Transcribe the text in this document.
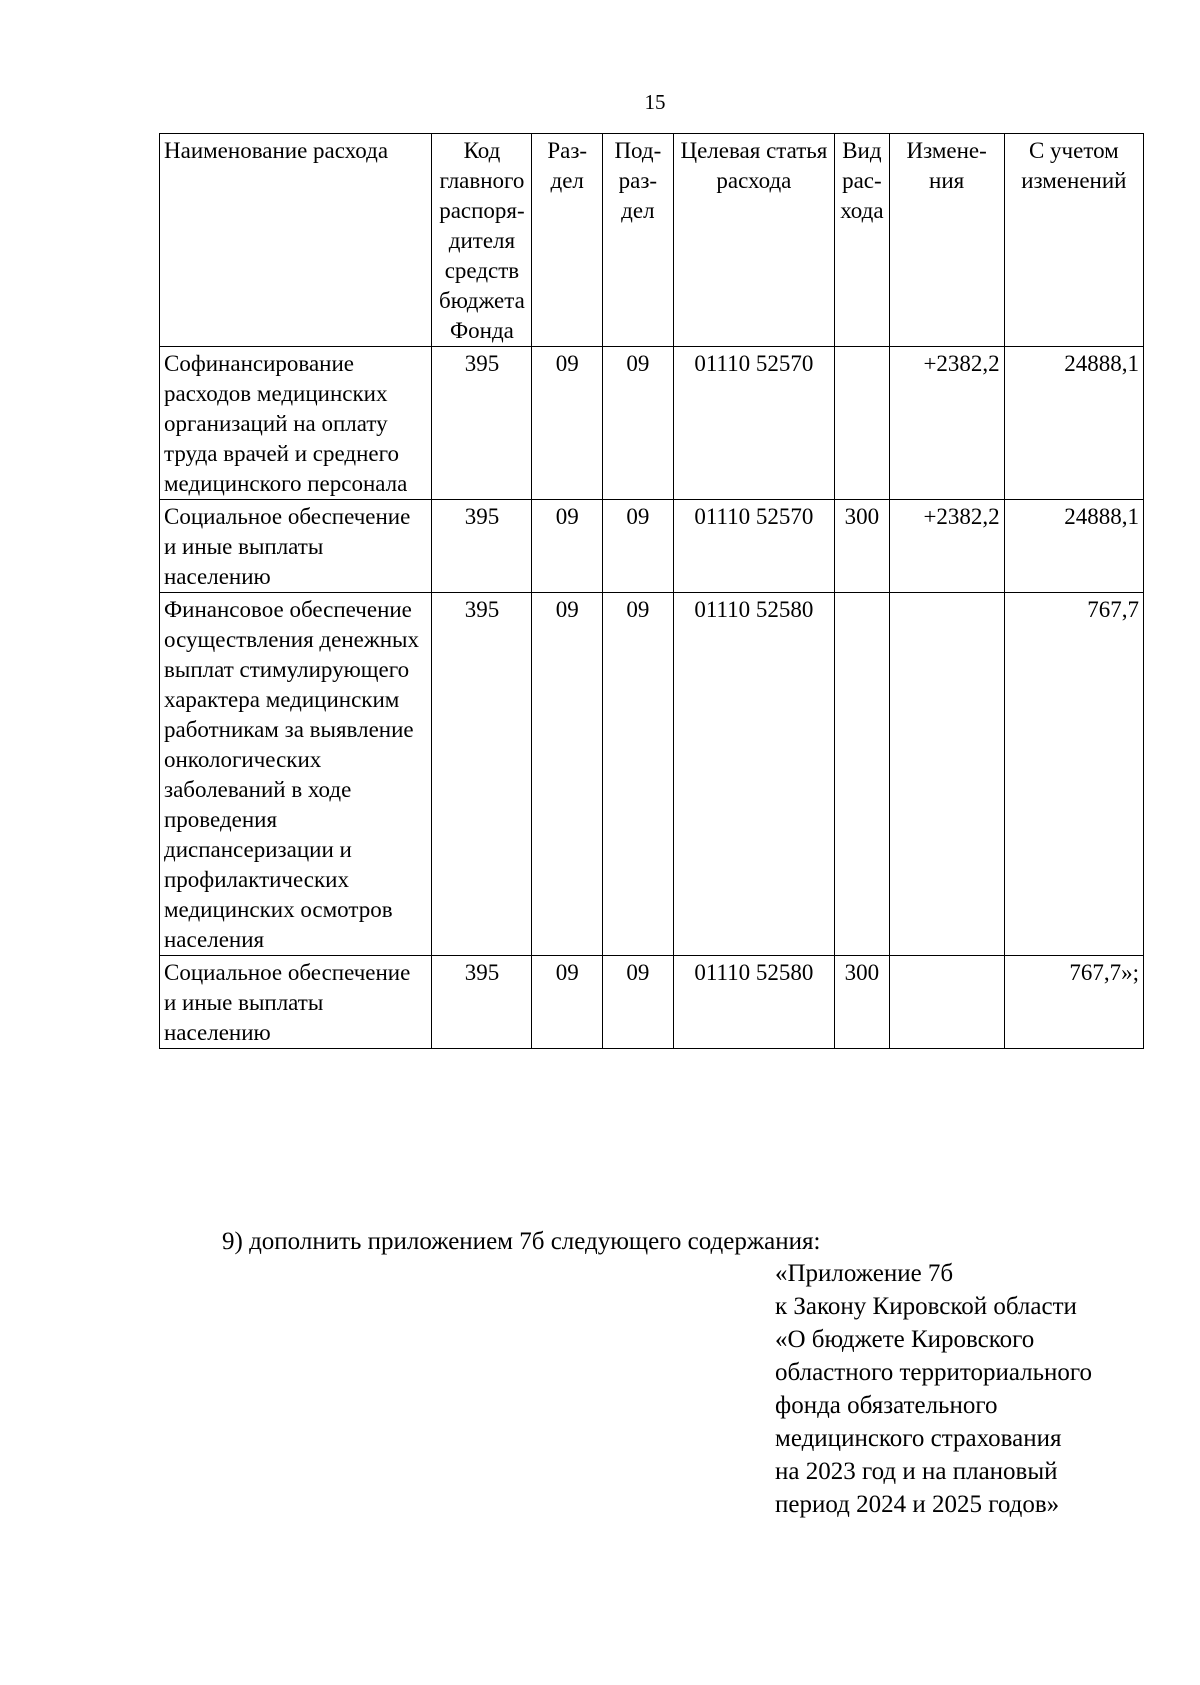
15
Наименование расхода	Код главного распоря-дителя средств бюджета Фонда	Раз-дел	Под-раз-дел	Целевая статья расхода	Вид рас-хода	Измене-ния	С учетом изменений
Софинансирование расходов медицинских организаций на оплату труда врачей и среднего медицинского персонала	395	09	09	01110 52570		+2382,2	24888,1
Социальное обеспечение и иные выплаты населению	395	09	09	01110 52570	300	+2382,2	24888,1
Финансовое обеспечение осуществления денежных выплат стимулирующего характера медицинским работникам за выявление онкологических заболеваний в ходе проведения диспансеризации и профилактических медицинских осмотров населения	395	09	09	01110 52580			767,7
Социальное обеспечение и иные выплаты населению	395	09	09	01110 52580	300		767,7»;
9) дополнить приложением 7б следующего содержания:
«Приложение 7б
к Закону Кировской области
«О бюджете Кировского
областного территориального
фонда обязательного
медицинского страхования
на 2023 год и на плановый
период 2024 и 2025 годов»
